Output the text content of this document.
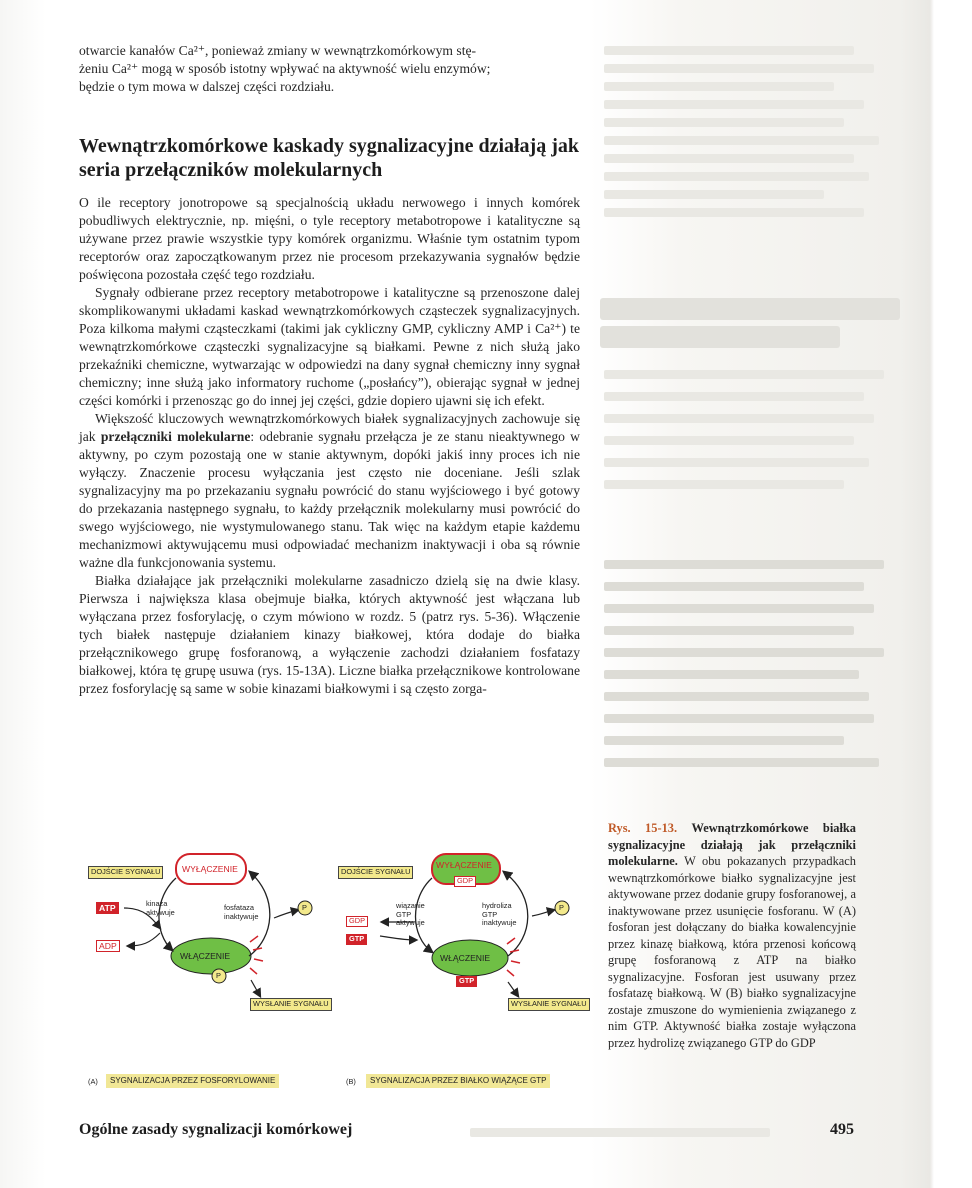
otwarcie kanałów Ca²⁺, ponieważ zmiany w wewnątrzkomórkowym stę-

żeniu Ca²⁺ mogą w sposób istotny wpływać na aktywność wielu enzymów;

będzie o tym mowa w dalszej części rozdziału.

Wewnątrzkomórkowe kaskady sygnalizacyjne działają jak seria przełączników molekularnych

O ile receptory jonotropowe są specjalnością układu nerwowego i innych komórek pobudliwych elektrycznie, np. mięśni, o tyle receptory metabotropowe i katalityczne są używane przez prawie wszystkie typy komórek organizmu. Właśnie tym ostatnim typom receptorów oraz zapoczątkowanym przez nie procesom przekazywania sygnałów będzie poświęcona pozostała część tego rozdziału.

Sygnały odbierane przez receptory metabotropowe i katalityczne są przenoszone dalej skomplikowanymi układami kaskad wewnątrzkomórkowych cząsteczek sygnalizacyjnych. Poza kilkoma małymi cząsteczkami (takimi jak cykliczny GMP, cykliczny AMP i Ca²⁺) te wewnątrzkomórkowe cząsteczki sygnalizacyjne są białkami. Pewne z nich służą jako przekaźniki chemiczne, wytwarzając w odpowiedzi na dany sygnał chemiczny inny sygnał chemiczny; inne służą jako informatory ruchome („posłańcy”), obierając sygnał w jednej części komórki i przenosząc go do innej jej części, gdzie dopiero ujawni się ich efekt.

Większość kluczowych wewnątrzkomórkowych białek sygnalizacyjnych zachowuje się jak przełączniki molekularne: odebranie sygnału przełącza je ze stanu nieaktywnego w aktywny, po czym pozostają one w stanie aktywnym, dopóki jakiś inny proces ich nie wyłączy. Znaczenie procesu wyłączania jest często nie doceniane. Jeśli szlak sygnalizacyjny ma po przekazaniu sygnału powrócić do stanu wyjściowego i być gotowy do przekazania następnego sygnału, to każdy przełącznik molekularny musi powrócić do swego wyjściowego, nie wystymulowanego stanu. Tak więc na każdym etapie każdemu mechanizmowi aktywującemu musi odpowiadać mechanizm inaktywacji i oba są równie ważne dla funkcjonowania systemu.

Białka działające jak przełączniki molekularne zasadniczo dzielą się na dwie klasy. Pierwsza i największa klasa obejmuje białka, których aktywność jest włączana lub wyłączana przez fosforylację, o czym mówiono w rozdz. 5 (patrz rys. 5-36). Włączenie tych białek następuje działaniem kinazy białkowej, która dodaje do białka przełącznikowego grupę fosforanową, a wyłączenie zachodzi działaniem fosfatazy białkowej, która tę grupę usuwa (rys. 15-13A). Liczne białka przełącznikowe kontrolowane przez fosforylację są same w sobie kinazami białkowymi i są często zorga-

DOJŚCIE SYGNAŁU	WYŁĄCZENIE
ATP
ADP
kinaza aktywuje	fosfataza inaktywuje
WŁĄCZENIE
P
P
WYSŁANIE SYGNAŁU
(A)	SYGNALIZACJA PRZEZ FOSFORYLOWANIE
DOJŚCIE SYGNAŁU
WYŁĄCZENIE
GDP
GDP
GTP
wiązanie GTP aktywuje
hydroliza GTP inaktywuje
WŁĄCZENIE
GTP
P
WYSŁANIE SYGNAŁU
(B)	SYGNALIZACJA PRZEZ BIAŁKO WIĄŻĄCE GTP
Rys. 15-13. Wewnątrzkomórkowe białka sygnalizacyjne działają jak przełączniki molekularne. W obu pokazanych przypadkach wewnątrzkomórkowe białko sygnalizacyjne jest aktywowane przez dodanie grupy fosforanowej, a inaktywowane przez usunięcie fosforanu. W (A) fosforan jest dołączany do białka kowalencyjnie przez kinazę białkową, która przenosi końcową grupę fosforanową z ATP na białko sygnalizacyjne. Fosforan jest usuwany przez fosfatazę białkową. W (B) białko sygnalizacyjne zostaje zmuszone do wymienienia związanego z nim GTP. Aktywność białka zostaje wyłączona przez hydrolizę związanego GTP do GDP
Ogólne zasady sygnalizacji komórkowej	495
